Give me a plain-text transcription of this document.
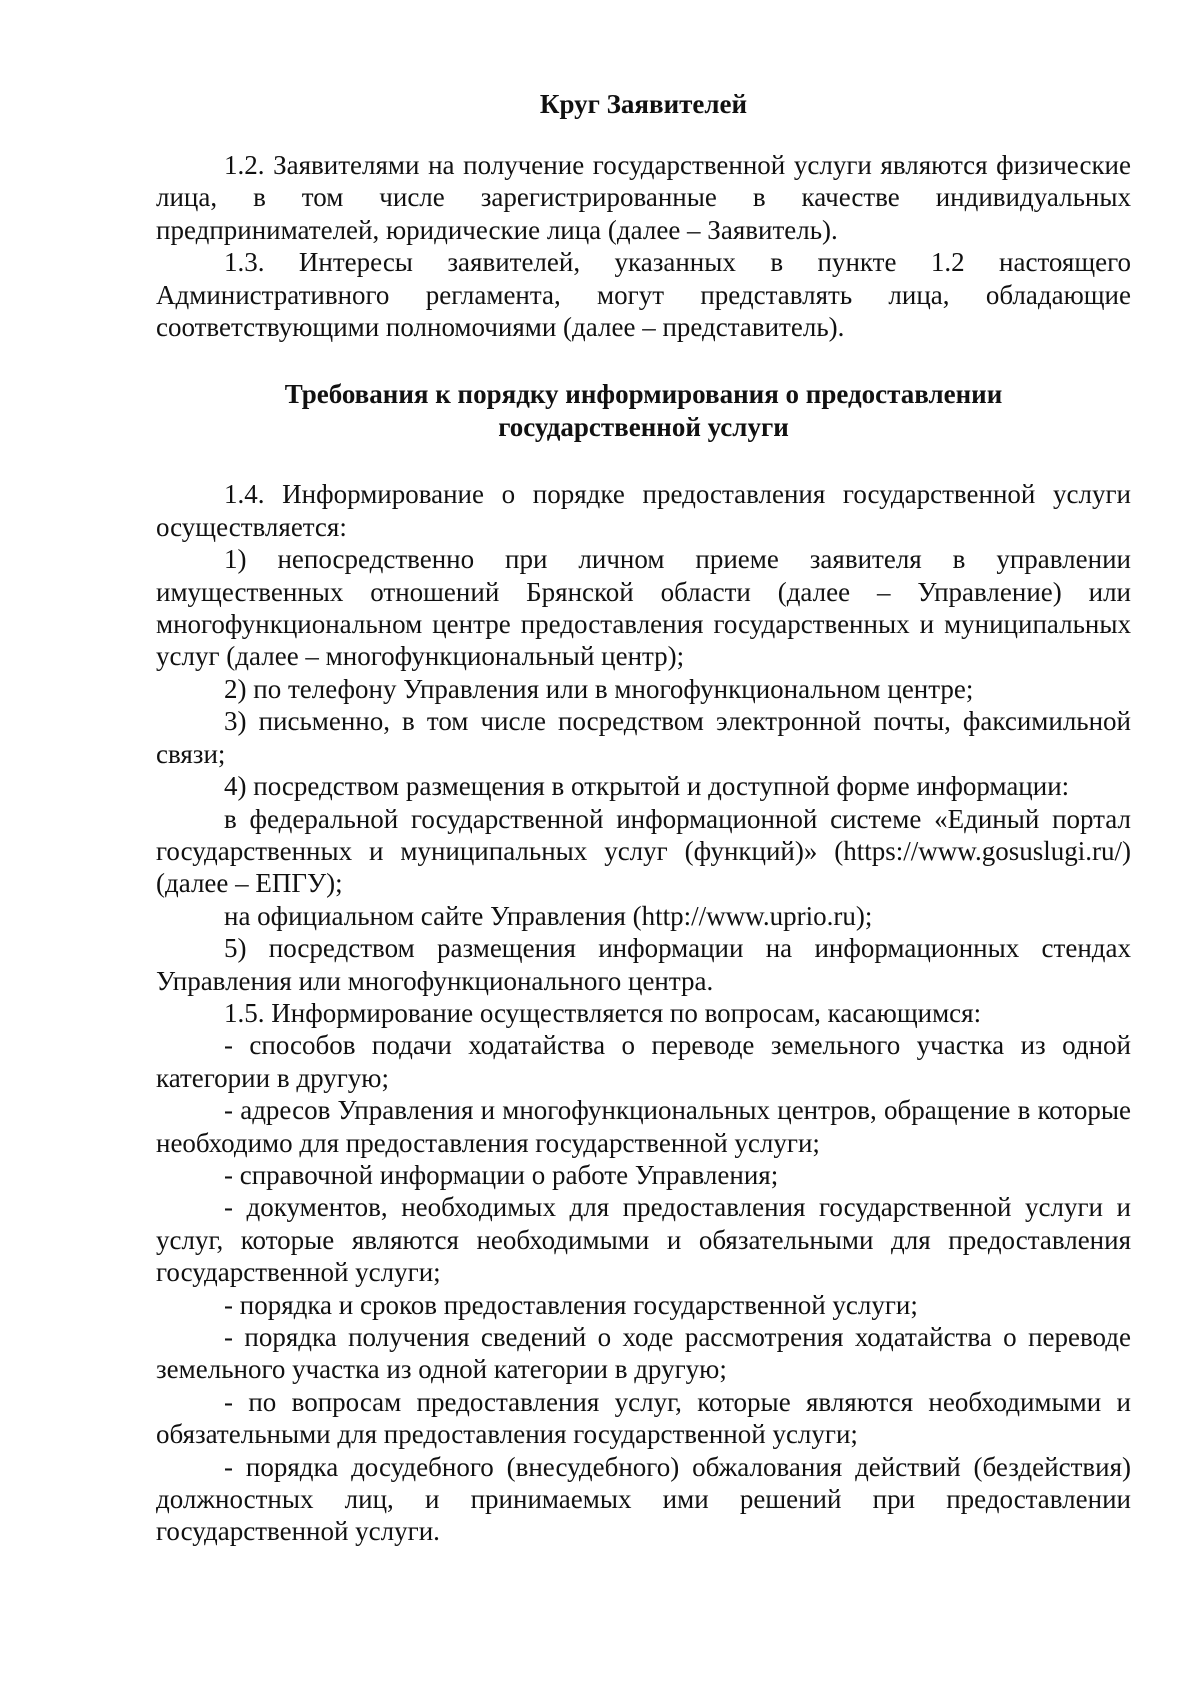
Круг Заявителей

1.2. Заявителями на получение государственной услуги являются физические лица, в том числе зарегистрированные в качестве индивидуальных предпринимателей, юридические лица (далее – Заявитель).

1.3. Интересы заявителей, указанных в пункте 1.2 настоящего Административного регламента, могут представлять лица, обладающие соответствующими полномочиями (далее – представитель).

Требования к порядку информирования о предоставлении
государственной услуги

1.4. Информирование о порядке предоставления государственной услуги осуществляется:

1) непосредственно при личном приеме заявителя в управлении имущественных отношений Брянской области (далее – Управление) или многофункциональном центре предоставления государственных и муниципальных услуг (далее – многофункциональный центр);

2) по телефону Управления или в многофункциональном центре;

3) письменно, в том числе посредством электронной почты, факсимильной связи;

4) посредством размещения в открытой и доступной форме информации:

в федеральной государственной информационной системе «Единый портал государственных и муниципальных услуг (функций)» (https://www.gosuslugi.ru/) (далее – ЕПГУ);

на официальном сайте Управления (http://www.uprio.ru);

5) посредством размещения информации на информационных стендах Управления или многофункционального центра.

1.5. Информирование осуществляется по вопросам, касающимся:

- способов подачи ходатайства о переводе земельного участка из одной категории в другую;

- адресов Управления и многофункциональных центров, обращение в которые необходимо для предоставления государственной услуги;

- справочной информации о работе Управления;

- документов, необходимых для предоставления государственной услуги и услуг, которые являются необходимыми и обязательными для предоставления государственной услуги;

- порядка и сроков предоставления государственной услуги;

- порядка получения сведений о ходе рассмотрения ходатайства о переводе земельного участка из одной категории в другую;

- по вопросам предоставления услуг, которые являются необходимыми и обязательными для предоставления государственной услуги;

- порядка досудебного (внесудебного) обжалования действий (бездействия) должностных лиц, и принимаемых ими решений при предоставлении государственной услуги.
